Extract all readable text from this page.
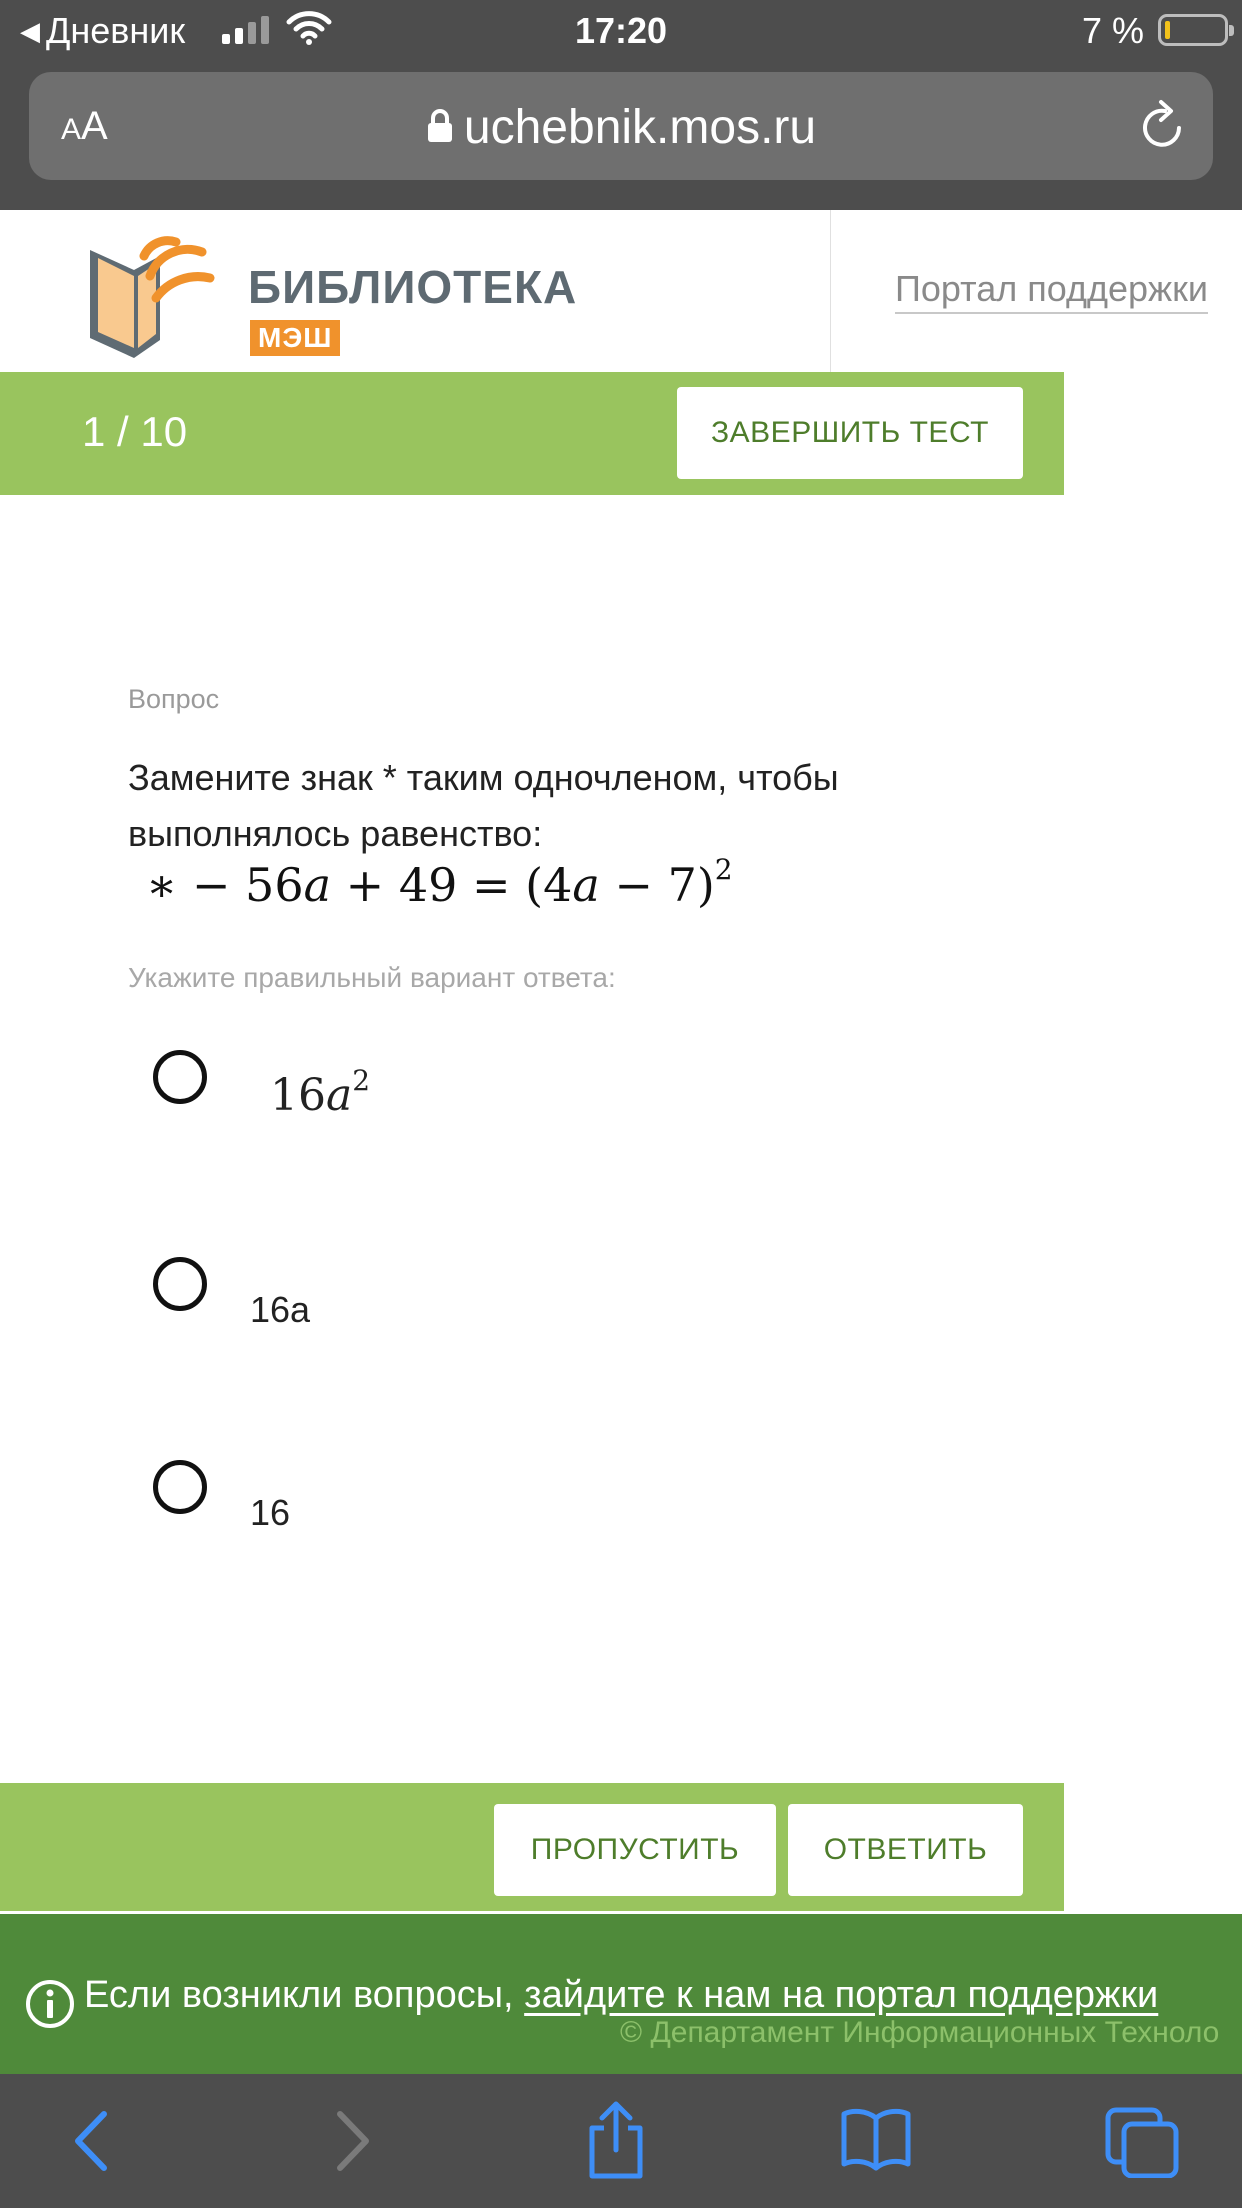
◀ Дневник	17:20	7 %
AA	uchebnik.mos.ru
БИБЛИОТЕКА
МЭШ
Портал поддержки
1 / 10	ЗАВЕРШИТЬ ТЕСТ
Вопрос
Замените знак * таким одночленом, чтобы выполнялось равенство:
∗ − $56a + 49 = (4a - 7)^2$
Укажите правильный вариант ответа:
$16a^2$
16a
16
ПРОПУСТИТЬ	ОТВЕТИТЬ
Если возникли вопросы, зайдите к нам на портал поддержки
© Департамент Информационных Техноло
